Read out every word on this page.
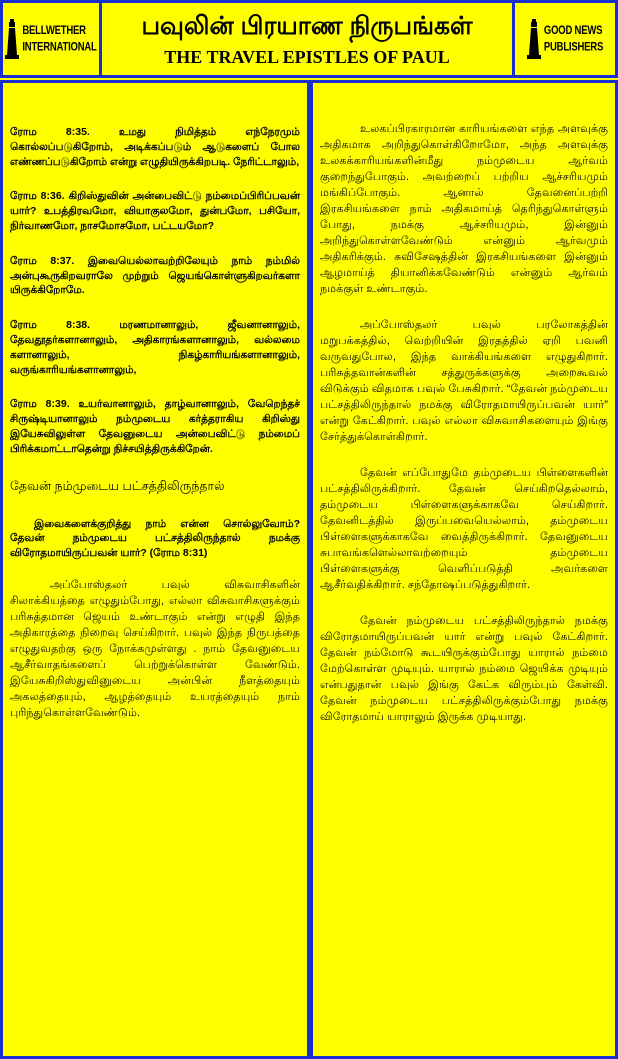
BELLWETHER
INTERNATIONAL
பவுலின் பிரயாண நிருபங்கள்
THE TRAVEL EPISTLES OF PAUL
GOOD NEWS
PUBLISHERS
ரோம 8:35. உமது நிமித்தம் எந்நேரமும் கொல்லப்படுகிறோம், அடிக்கப்படும் ஆடுகளைப் போல எண்ணப்படுகிறோம் என்று எழுதியிருக்கிறபடி. நேரிட்டாலும்,
ரோம 8:36. கிறிஸ்துவின் அன்பைவிட்டு நம்மைப்பிரிப்பவன் யார்? உபத்திரவமோ, வியாகுலமோ, துன்பமோ, பசியோ, நிர்வாணமோ, நாசமோசமோ, பட்டயமோ?
ரோம 8:37. இவையெல்லாவற்றிலேயும் நாம் நம்மில் அன்புகூருகிறவராலே முற்றும் ஜெயங்கொள்ளுகிறவர்களா யிருக்கிறோமே.
ரோம 8:38. மரணமானாலும், ஜீவனானாலும், தேவதூதர்களானாலும், அதிகாரங்களானாலும், வல்லமை களானாலும், நிகழ்காரியங்களானாலும், வருங்காரியங்களானாலும்,
ரோம 8:39. உயர்வானாலும், தாழ்வானாலும், வேறெந்தச் சிருஷ்டியானாலும் நம்முடைய கர்த்தராகிய கிறிஸ்து இயேசுவிலுள்ள தேவனுடைய அன்பைவிட்டு நம்மைப் பிரிக்கமாட்டாதென்று நிச்சயித்திருக்கிறேன்.
தேவன் நம்முடைய பட்சத்திலிருந்தால்
இவைகளைக்குறித்து நாம் என்ன சொல்லுவோம்? தேவன் நம்முடைய பட்சத்திலிருந்தால் நமக்கு விரோதமாயிருப்பவன் யார்? (ரோம 8:31)
அப்போஸ்தலர் பவுல் விசுவாசிகளின் சிலாக்கியத்தை எழுதும்போது, எல்லா விசுவாசிகளுக்கும் பரிசுத்தமான ஜெயம் உண்டாகும் என்று எழுதி இந்த அதிகாரத்தை நிறைவு செய்கிறார். பவுல் இந்த நிருபத்தை எழுதுவதற்கு ஒரு நோக்கமுள்ளது . நாம் தேவனுடைய ஆசீர்வாதங்களைப் பெற்றுக்கொள்ள வேண்டும். இயேசுகிறிஸ்துவினுடைய அன்பின் நீளத்தையும் அகலத்தையும், ஆழத்தையும் உயரத்தையும் நாம் புரிந்துகொள்ளவேண்டும்.
உலகப்பிரகாரமான காரியங்களை எந்த அளவுக்கு அதிகமாக அறிந்துகொள்கிறோமோ, அந்த அளவுக்கு உலகக்காரியங்களின்மீது நம்முடைய ஆர்வம் குறைந்துபோகும். அவற்றைப் பற்றிய ஆச்சரியமும் மங்கிப்போகும். ஆனால் தேவனைப்பற்றி இரகசியங்களை நாம் அதிகமாய்த் தெரிந்துகொள்ளும் போது, நமக்கு ஆச்சரியமும், இன்னும் அறிந்துகொள்ளவேண்டும் என்னும் ஆர்வமும் அதிகரிக்கும். சுவிசேஷத்தின் இரகசியங்களை இன்னும் ஆழமாய்த் தியானிக்கவேண்டும் என்னும் ஆர்வம் நமக்குள் உண்டாகும்.
அப்போஸ்தலர் பவுல் பரலோகத்தின் மறுபக்கத்தில், வெற்றியின் இரதத்தில் ஏறி பவனி வருவதுபோல, இந்த வாக்கியங்களை எழுதுகிறார். பரிசுத்தவான்களின் சத்துருக்களுக்கு அறைகூவல் விடுக்கும் விதமாக பவுல் பேசுகிறார். “தேவன் நம்முடைய பட்சத்திலிருந்தால் நமக்கு விரோதமாயிருப்பவன் யார்” என்று கேட்கிறார். பவுல் எல்லா விசுவாசிகளையும் இங்கு சேர்த்துக்கொள்கிறார்.
தேவன் எப்போதுமே தம்முடைய பிள்ளைகளின் பட்சத்திலிருக்கிறார். தேவன் செய்கிறதெல்லாம், தம்முடைய பிள்ளைகளுக்காகவே செய்கிறார். தேவனிடத்தில் இருப்பவையெல்லாம், தம்முடைய பிள்ளைகளுக்காகவே வைத்திருக்கிறார். தேவனுடைய சுபாவங்களெல்லாவற்றையும் தம்முடைய பிள்ளைகளுக்கு வெளிப்படுத்தி அவர்களை ஆசீர்வதிக்கிறார். சந்தோஷப்படுத்துகிறார்.
தேவன் நம்முடைய பட்சத்திலிருந்தால் நமக்கு விரோதமாயிருப்பவன் யார் என்று பவுல் கேட்கிறார். தேவன் நம்மோடு கூடயிருக்கும்போது யாரால் நம்மை மேற்கொள்ள முடியும். யாரால் நம்மை ஜெயிக்க முடியும் என்பதுதான் பவுல் இங்கு கேட்க விரும்பும் கேள்வி. தேவன் நம்முடைய பட்சத்திலிருக்கும்போது நமக்கு விரோதமாய் யாராலும் இருக்க முடியாது.
